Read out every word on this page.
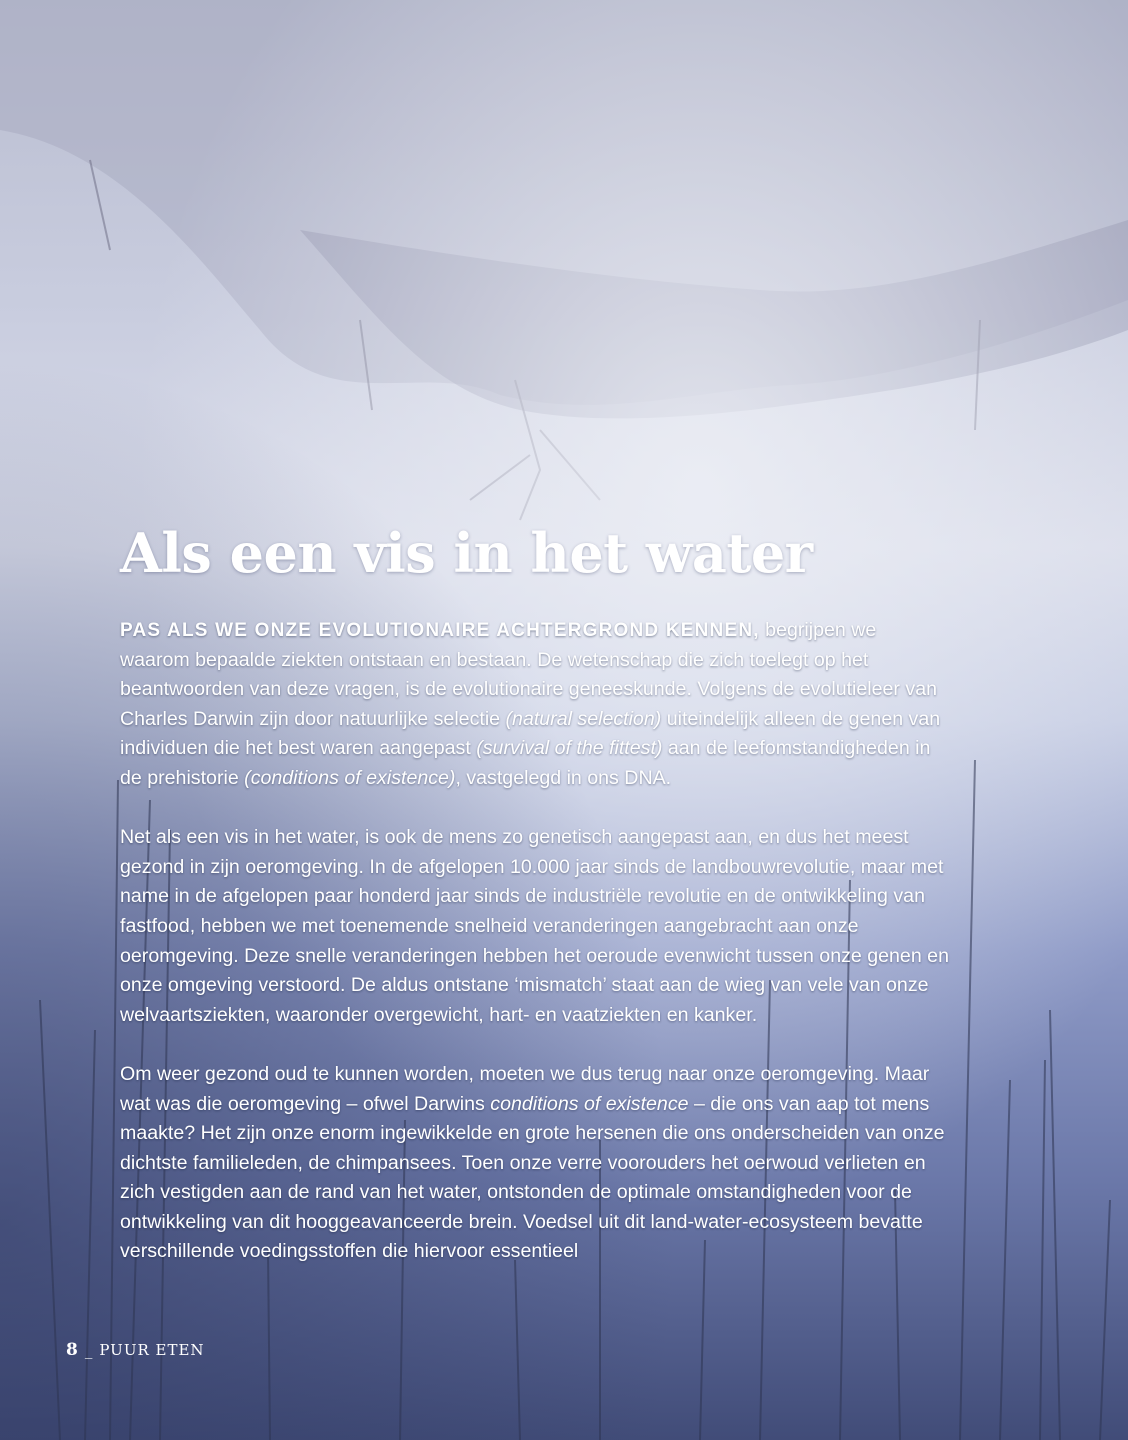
Als een vis in het water

PAS ALS WE ONZE EVOLUTIONAIRE ACHTERGROND KENNEN, begrijpen we waarom bepaalde ziekten ontstaan en bestaan. De wetenschap die zich toelegt op het beantwoorden van deze vragen, is de evolutionaire geneeskunde. Volgens de evolutieleer van Charles Darwin zijn door natuurlijke selectie (natural selection) uiteindelijk alleen de genen van individuen die het best waren aangepast (survival of the fittest) aan de leefomstandigheden in de prehistorie (conditions of existence), vastgelegd in ons DNA.

Net als een vis in het water, is ook de mens zo genetisch aangepast aan, en dus het meest gezond in zijn oeromgeving. In de afgelopen 10.000 jaar sinds de landbouwrevolutie, maar met name in de afgelopen paar honderd jaar sinds de industriële revolutie en de ontwikkeling van fastfood, hebben we met toenemende snelheid veranderingen aangebracht aan onze oeromgeving. Deze snelle veranderingen hebben het oeroude evenwicht tussen onze genen en onze omgeving verstoord. De aldus ontstane ‘mismatch’ staat aan de wieg van vele van onze welvaartsziekten, waaronder overgewicht, hart- en vaatziekten en kanker.

Om weer gezond oud te kunnen worden, moeten we dus terug naar onze oeromgeving. Maar wat was die oeromgeving – ofwel Darwins conditions of existence – die ons van aap tot mens maakte? Het zijn onze enorm ingewikkelde en grote hersenen die ons onderscheiden van onze dichtste familieleden, de chimpansees. Toen onze verre voorouders het oerwoud verlieten en zich vestigden aan de rand van het water, ontstonden de optimale omstandigheden voor de ontwikkeling van dit hooggeavanceerde brein. Voedsel uit dit land-water-ecosysteem bevatte verschillende voedingsstoffen die hiervoor essentieel

8 _ PUUR ETEN
